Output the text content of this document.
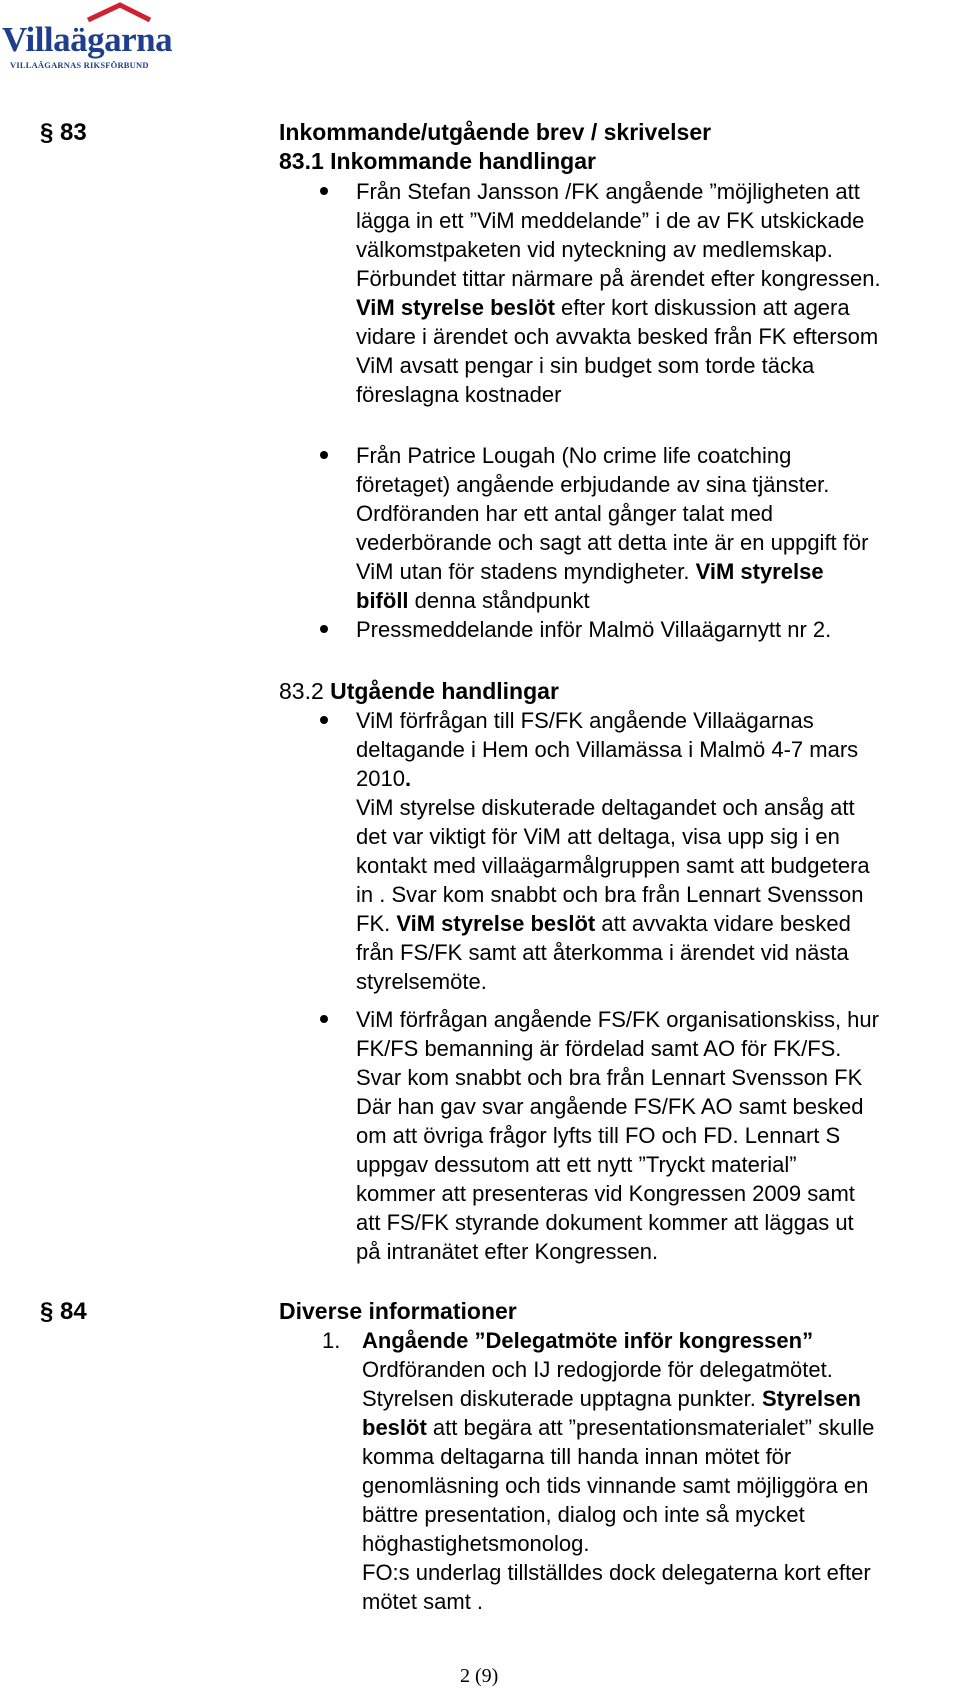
Villaägarna
VILLAÄGARNAS RIKSFÖRBUND
§ 83	Inkommande/utgående brev / skrivelser
83.1 Inkommande handlingar
Från Stefan Jansson /FK angående ”möjligheten att
lägga in ett ”ViM meddelande” i de av FK utskickade
välkomstpaketen vid nyteckning av medlemskap.
Förbundet tittar närmare på ärendet efter kongressen.
ViM styrelse beslöt efter kort diskussion att agera
vidare i ärendet och avvakta besked från FK eftersom
ViM avsatt pengar i sin budget som torde täcka
föreslagna kostnader
Från Patrice Lougah (No crime life coatching
företaget) angående erbjudande av sina tjänster.
Ordföranden har ett antal gånger talat med
vederbörande och sagt att detta inte är en uppgift för
ViM utan för stadens myndigheter. ViM styrelse
biföll denna ståndpunkt
Pressmeddelande inför Malmö Villaägarnytt nr 2.
83.2 Utgående handlingar
ViM förfrågan till FS/FK angående Villaägarnas
deltagande i Hem och Villamässa i Malmö 4-7 mars
2010.
ViM styrelse diskuterade deltagandet och ansåg att
det var viktigt för ViM att deltaga, visa upp sig i en
kontakt med villaägarmålgruppen samt att budgetera
in . Svar kom snabbt och bra från Lennart Svensson
FK. ViM styrelse beslöt att avvakta vidare besked
från FS/FK samt att återkomma i ärendet vid nästa
styrelsemöte.
ViM förfrågan angående FS/FK organisationskiss, hur
FK/FS bemanning är fördelad samt AO för FK/FS.
Svar kom snabbt och bra från Lennart Svensson FK
Där han gav svar angående FS/FK AO samt besked
om att övriga frågor lyfts till FO och FD. Lennart S
uppgav dessutom att ett nytt ”Tryckt material”
kommer att presenteras vid Kongressen 2009 samt
att FS/FK styrande dokument kommer att läggas ut
på intranätet efter Kongressen.
§ 84	Diverse informationer
1. Angående ”Delegatmöte inför kongressen”
Ordföranden och IJ redogjorde för delegatmötet.
Styrelsen diskuterade upptagna punkter. Styrelsen
beslöt att begära att ”presentationsmaterialet” skulle
komma deltagarna till handa innan mötet för
genomläsning och tids vinnande samt möjliggöra en
bättre presentation, dialog och inte så mycket
höghastighetsmonolog.
FO:s underlag tillställdes dock delegaterna kort efter
mötet samt .
2 (9)
